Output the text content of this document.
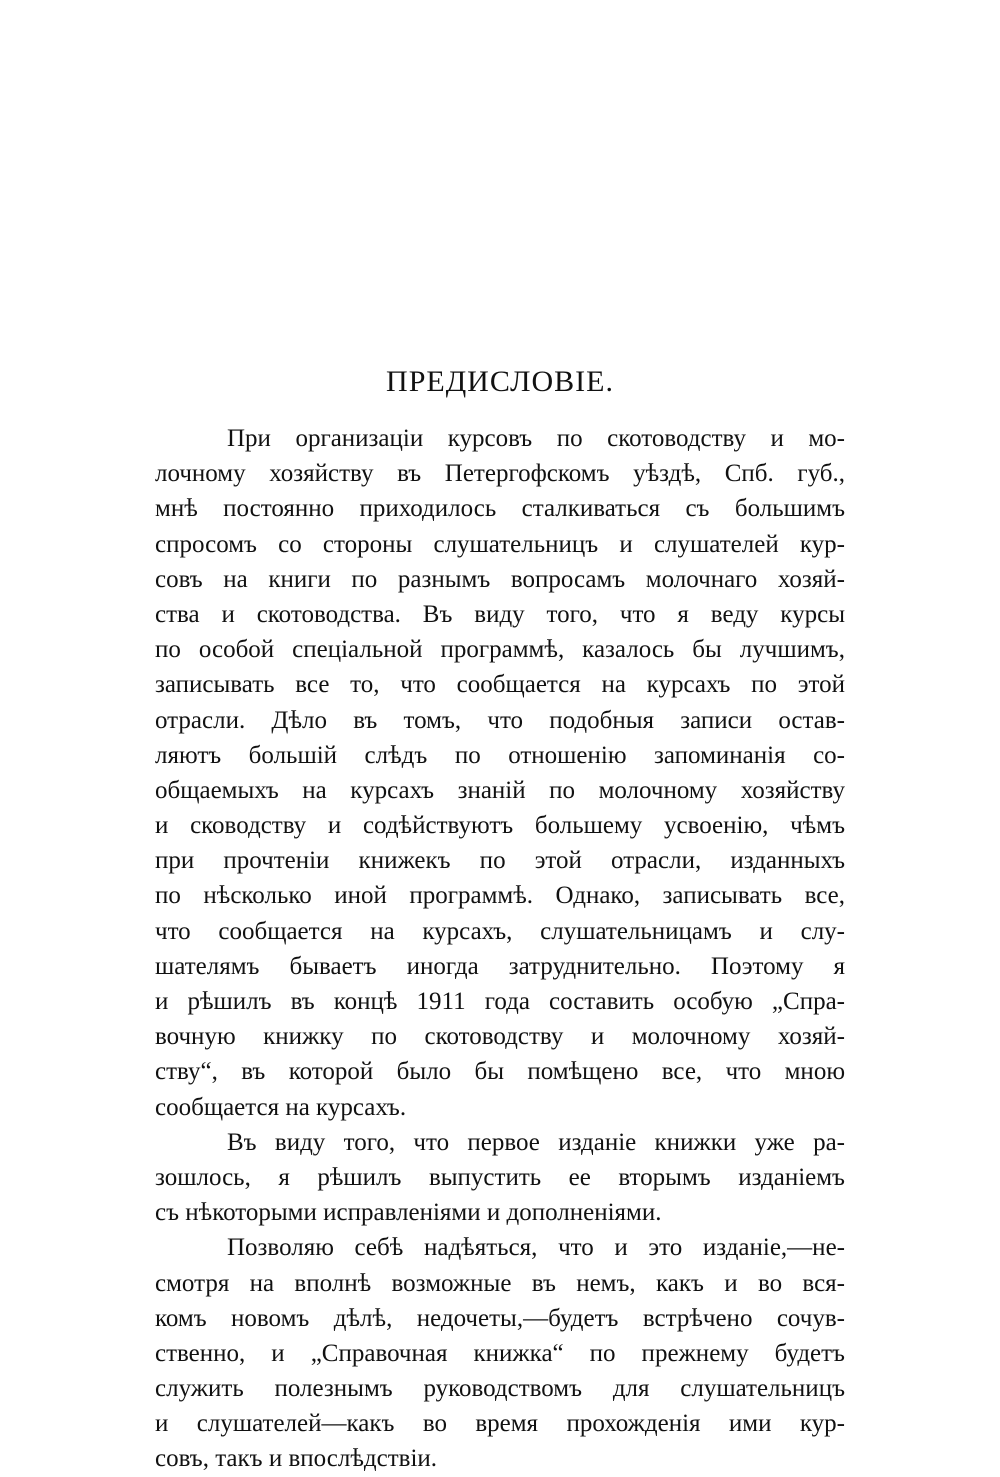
ПРЕДИСЛОВIЕ.
При организацiи курсовъ по скотоводству и мо-
лочному хозяйству въ Петергофскомъ уѣздѣ, Спб. губ.,
мнѣ постоянно приходилось сталкиваться съ большимъ
спросомъ со стороны слушательницъ и слушателей кур-
совъ на книги по разнымъ вопросамъ молочнаго хозяй-
ства и скотоводства. Въ виду того, что я веду курсы
по особой спецiальной программѣ, казалось бы лучшимъ,
записывать все то, что сообщается на курсахъ по этой
отрасли. Дѣло въ томъ, что подобныя записи остав-
ляютъ большiй слѣдъ по отношенiю запоминанiя со-
общаемыхъ на курсахъ знанiй по молочному хозяйству
и сководству и содѣйствуютъ большему усвоенiю, чѣмъ
при прочтенiи книжекъ по этой отрасли, изданныхъ
по нѣсколько иной программѣ. Однако, записывать все,
что сообщается на курсахъ, слушательницамъ и слу-
шателямъ бываетъ иногда затруднительно. Поэтому я
и рѣшилъ въ концѣ 1911 года составить особую „Спра-
вочную книжку по скотоводству и молочному хозяй-
ству“, въ которой было бы помѣщено все, что мною
сообщается на курсахъ.
Въ виду того, что первое изданiе книжки уже ра-
зошлось, я рѣшилъ выпустить ее вторымъ изданiемъ
съ нѣкоторыми исправленiями и дополненiями.
Позволяю себѣ надѣяться, что и это изданiе,—не-
смотря на вполнѣ возможные въ немъ, какъ и во вся-
комъ новомъ дѣлѣ, недочеты,—будетъ встрѣчено сочув-
ственно, и „Справочная книжка“ по прежнему будетъ
служить полезнымъ руководствомъ для слушательницъ
и слушателей—какъ во время прохожденiя ими кур-
совъ, такъ и впослѣдствiи.
